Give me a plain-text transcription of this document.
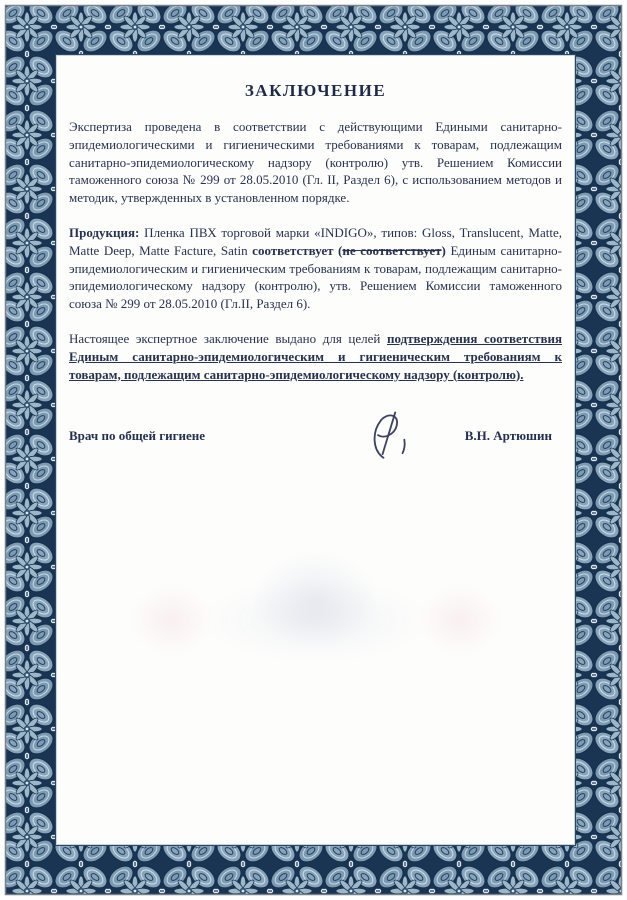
ЗАКЛЮЧЕНИЕ

Экспертиза проведена в соответствии с действующими Едиными санитарно-эпидемиологическими и гигиеническими требованиями к товарам, подлежащим санитарно-эпидемиологическому надзору (контролю) утв. Решением Комиссии таможенного союза № 299 от 28.05.2010 (Гл. II, Раздел 6), с использованием методов и методик, утвержденных в установленном порядке.

Продукция: Пленка ПВХ торговой марки «INDIGO», типов: Gloss, Translucent, Matte, Matte Deep, Matte Facture, Satin соответствует (не соответствует) Единым санитарно-эпидемиологическим и гигиеническим требованиям к товарам, подлежащим санитарно-эпидемиологическому надзору (контролю), утв. Решением Комиссии таможенного союза № 299 от 28.05.2010 (Гл.II, Раздел 6).

Настоящее экспертное заключение выдано для целей подтверждения соответствия Единым санитарно-эпидемиологическим и гигиеническим требованиям к товарам, подлежащим санитарно-эпидемиологическому надзору (контролю).

Врач по общей гигиене	В.Н. Артюшин
